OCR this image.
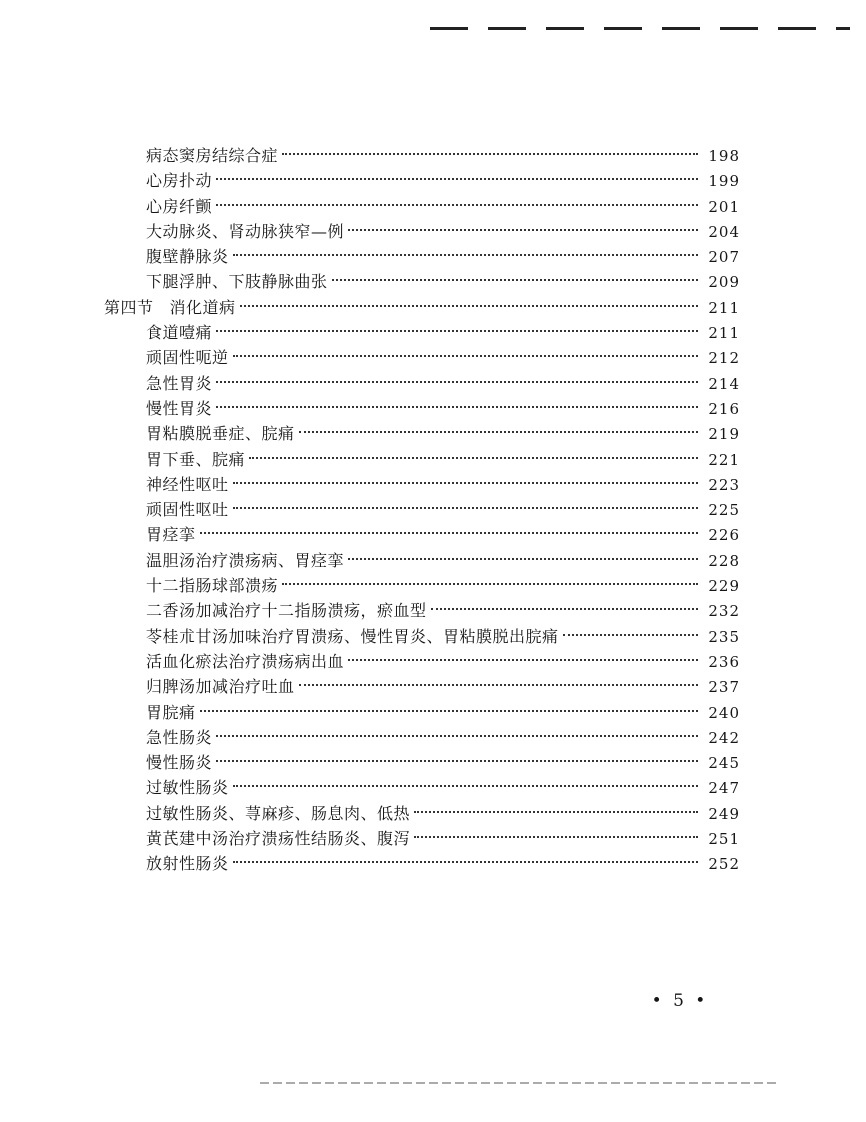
病态窦房结综合症	198
心房扑动	199
心房纤颤	201
大动脉炎、肾动脉狭窄—例	204
腹壁静脉炎	207
下腿浮肿、下肢静脉曲张	209
第四节 消化道病	211
食道噎痛	211
顽固性呃逆	212
急性胃炎	214
慢性胃炎	216
胃粘膜脱垂症、脘痛	219
胃下垂、脘痛	221
神经性呕吐	223
顽固性呕吐	225
胃痉挛	226
温胆汤治疗溃疡病、胃痉挛	228
十二指肠球部溃疡	229
二香汤加减治疗十二指肠溃疡，瘀血型	232
苓桂朮甘汤加味治疗胃溃疡、慢性胃炎、胃粘膜脱出脘痛	235
活血化瘀法治疗溃疡病出血	236
归脾汤加减治疗吐血	237
胃脘痛	240
急性肠炎	242
慢性肠炎	245
过敏性肠炎	247
过敏性肠炎、荨麻疹、肠息肉、低热	249
黄芪建中汤治疗溃疡性结肠炎、腹泻	251
放射性肠炎	252
• 5 •
